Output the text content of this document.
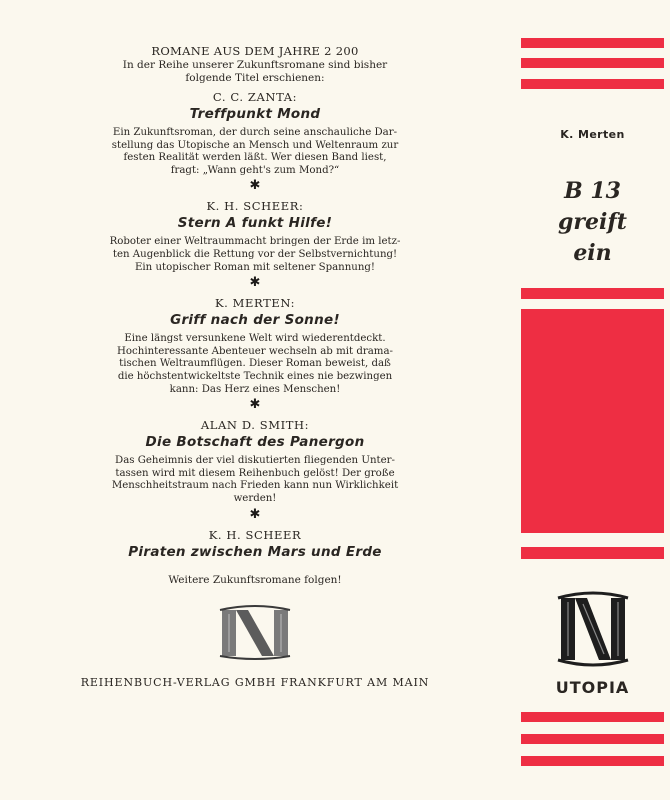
ROMANE AUS DEM JAHRE 2 200
In der Reihe unserer Zukunftsromane sind bisher
folgende Titel erschienen:
C. C. ZANTA:
Treffpunkt Mond
Ein Zukunftsroman, der durch seine anschauliche Dar-
stellung das Utopische an Mensch und Weltenraum zur
festen Realität werden läßt. Wer diesen Band liest,
fragt: „Wann geht's zum Mond?“
✱
K. H. SCHEER:
Stern A funkt Hilfe!
Roboter einer Weltraummacht bringen der Erde im letz-
ten Augenblick die Rettung vor der Selbstvernichtung!
Ein utopischer Roman mit seltener Spannung!
✱
K. MERTEN:
Griff nach der Sonne!
Eine längst versunkene Welt wird wiederentdeckt.
Hochinteressante Abenteuer wechseln ab mit drama-
tischen Weltraumflügen. Dieser Roman beweist, daß
die höchstentwickeltste Technik eines nie bezwingen
kann: Das Herz eines Menschen!
✱
ALAN D. SMITH:
Die Botschaft des Panergon
Das Geheimnis der viel diskutierten fliegenden Unter-
tassen wird mit diesem Reihenbuch gelöst! Der große
Menschheitstraum nach Frieden kann nun Wirklichkeit
werden!
✱
K. H. SCHEER
Piraten zwischen Mars und Erde
Weitere Zukunftsromane folgen!
REIHENBUCH-VERLAG GMBH FRANKFURT AM MAIN
K. Merten
B 13
greift
ein
UTOPIA
